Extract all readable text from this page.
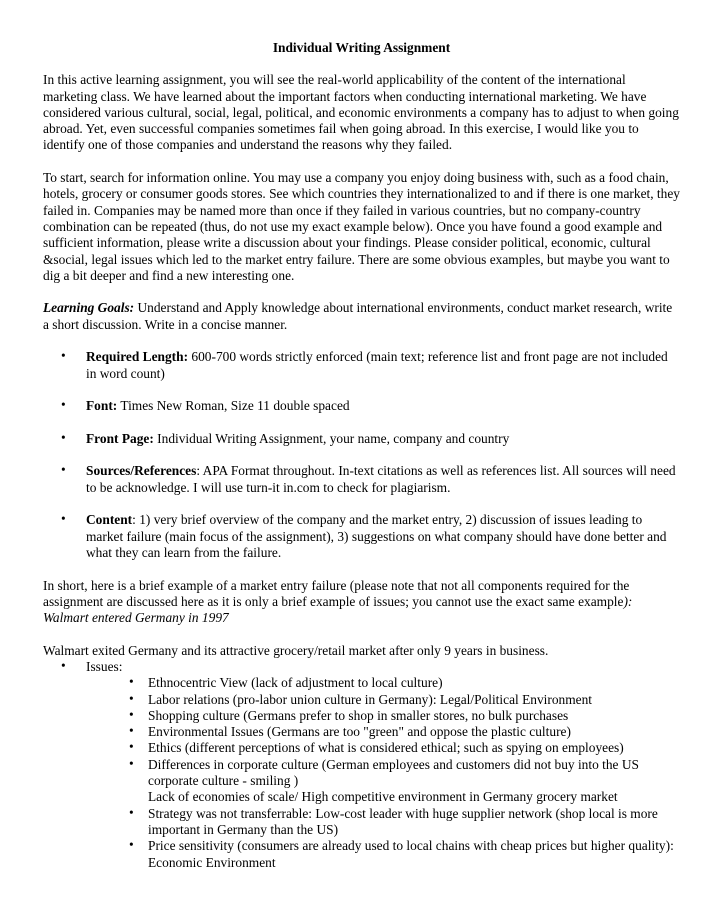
Individual Writing Assignment

In this active learning assignment, you will see the real-world applicability of the content of the international marketing class. We have learned about the important factors when conducting international marketing. We have considered various cultural, social, legal, political, and economic environments a company has to adjust to when going abroad. Yet, even successful companies sometimes fail when going abroad. In this exercise, I would like you to identify one of those companies and understand the reasons why they failed.

To start, search for information online. You may use a company you enjoy doing business with, such as a food chain, hotels, grocery or consumer goods stores. See which countries they internationalized to and if there is one market, they failed in. Companies may be named more than once if they failed in various countries, but no company-country combination can be repeated (thus, do not use my exact example below). Once you have found a good example and sufficient information, please write a discussion about your findings. Please consider political, economic, cultural &social, legal issues which led to the market entry failure. There are some obvious examples, but maybe you want to dig a bit deeper and find a new interesting one.

Learning Goals: Understand and Apply knowledge about international environments, conduct market research, write a short discussion. Write in a concise manner.

• Required Length: 600-700 words strictly enforced (main text; reference list and front page are not included in word count)
• Font: Times New Roman, Size 11 double spaced
• Front Page: Individual Writing Assignment, your name, company and country
• Sources/References: APA Format throughout. In-text citations as well as references list. All sources will need to be acknowledge. I will use turn-it in.com to check for plagiarism.
• Content: 1) very brief overview of the company and the market entry, 2) discussion of issues leading to market failure (main focus of the assignment), 3) suggestions on what company should have done better and what they can learn from the failure.

In short, here is a brief example of a market entry failure (please note that not all components required for the assignment are discussed here as it is only a brief example of issues; you cannot use the exact same example): Walmart entered Germany in 1997

Walmart exited Germany and its attractive grocery/retail market after only 9 years in business.

• Issues:
• Ethnocentric View (lack of adjustment to local culture)
• Labor relations (pro-labor union culture in Germany): Legal/Political Environment
• Shopping culture (Germans prefer to shop in smaller stores, no bulk purchases
• Environmental Issues (Germans are too "green" and oppose the plastic culture)
• Ethics (different perceptions of what is considered ethical; such as spying on employees)
• Differences in corporate culture (German employees and customers did not buy into the US corporate culture - smiling )
Lack of economies of scale/ High competitive environment in Germany grocery market
• Strategy was not transferrable: Low-cost leader with huge supplier network (shop local is more important in Germany than the US)
• Price sensitivity (consumers are already used to local chains with cheap prices but higher quality): Economic Environment
